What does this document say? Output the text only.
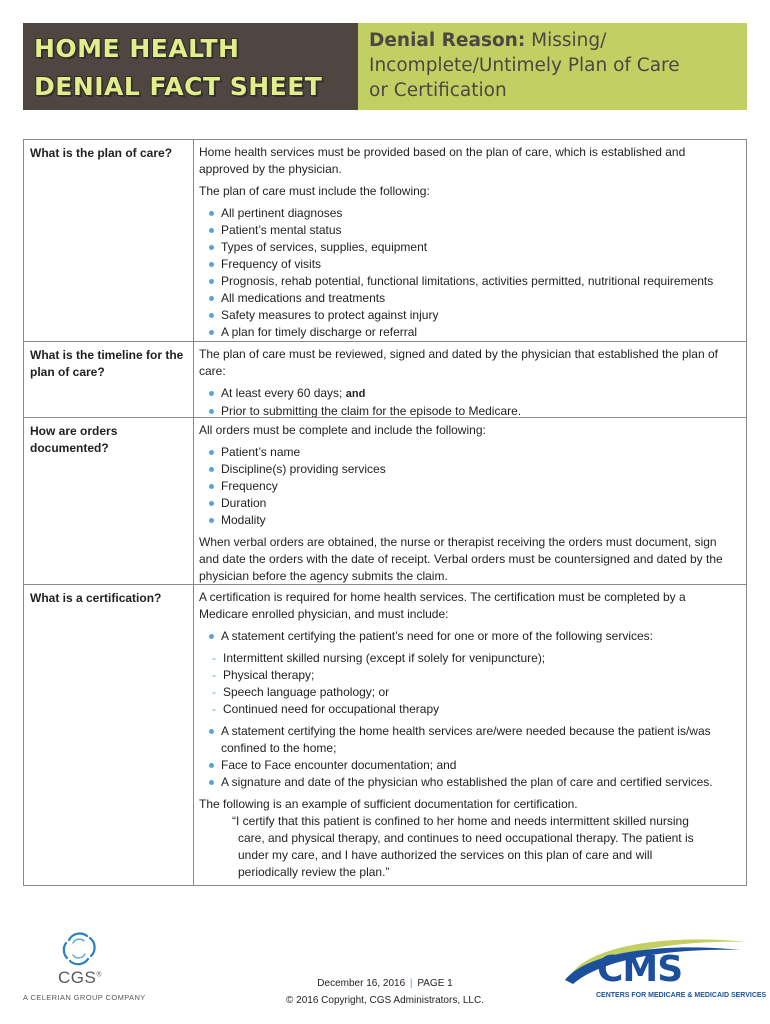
HOME HEALTH
DENIAL FACT SHEET
Denial Reason: Missing/
Incomplete/Untimely Plan of Care
or Certification
What is the plan of care?	Home health services must be provided based on the plan of care, which is established and approved by the physician.

The plan of care must include the following:

All pertinent diagnoses
Patient’s mental status
Types of services, supplies, equipment
Frequency of visits
Prognosis, rehab potential, functional limitations, activities permitted, nutritional requirements
All medications and treatments
Safety measures to protect against injury
A plan for timely discharge or referral
What is the timeline for the plan of care?

The plan of care must be reviewed, signed and dated by the physician that established the plan of care:

At least every 60 days; and
Prior to submitting the claim for the episode to Medicare.
How are orders documented?

All orders must be complete and include the following:

Patient’s name
Discipline(s) providing services
Frequency
Duration
Modality

When verbal orders are obtained, the nurse or therapist receiving the orders must document, sign and date the orders with the date of receipt. Verbal orders must be countersigned and dated by the physician before the agency submits the claim.

What is a certification?	A certification is required for home health services. The certification must be completed by a Medicare enrolled physician, and must include:

A statement certifying the patient’s need for one or more of the following services:
- Intermittent skilled nursing (except if solely for venipuncture);
- Physical therapy;
- Speech language pathology; or
- Continued need for occupational therapy
A statement certifying the home health services are/were needed because the patient is/was confined to the home;
Face to Face encounter documentation; and
A signature and date of the physician who established the plan of care and certified services.

The following is an example of sufficient documentation for certification.

“I certify that this patient is confined to her home and needs intermittent skilled nursing care, and physical therapy, and continues to need occupational therapy. The patient is under my care, and I have authorized the services on this plan of care and will periodically review the plan.”

CGS®
A CELERIAN GROUP COMPANY
December 16, 2016 | PAGE 1
© 2016 Copyright, CGS Administrators, LLC.
CMS
CENTERS FOR MEDICARE & MEDICAID SERVICES
